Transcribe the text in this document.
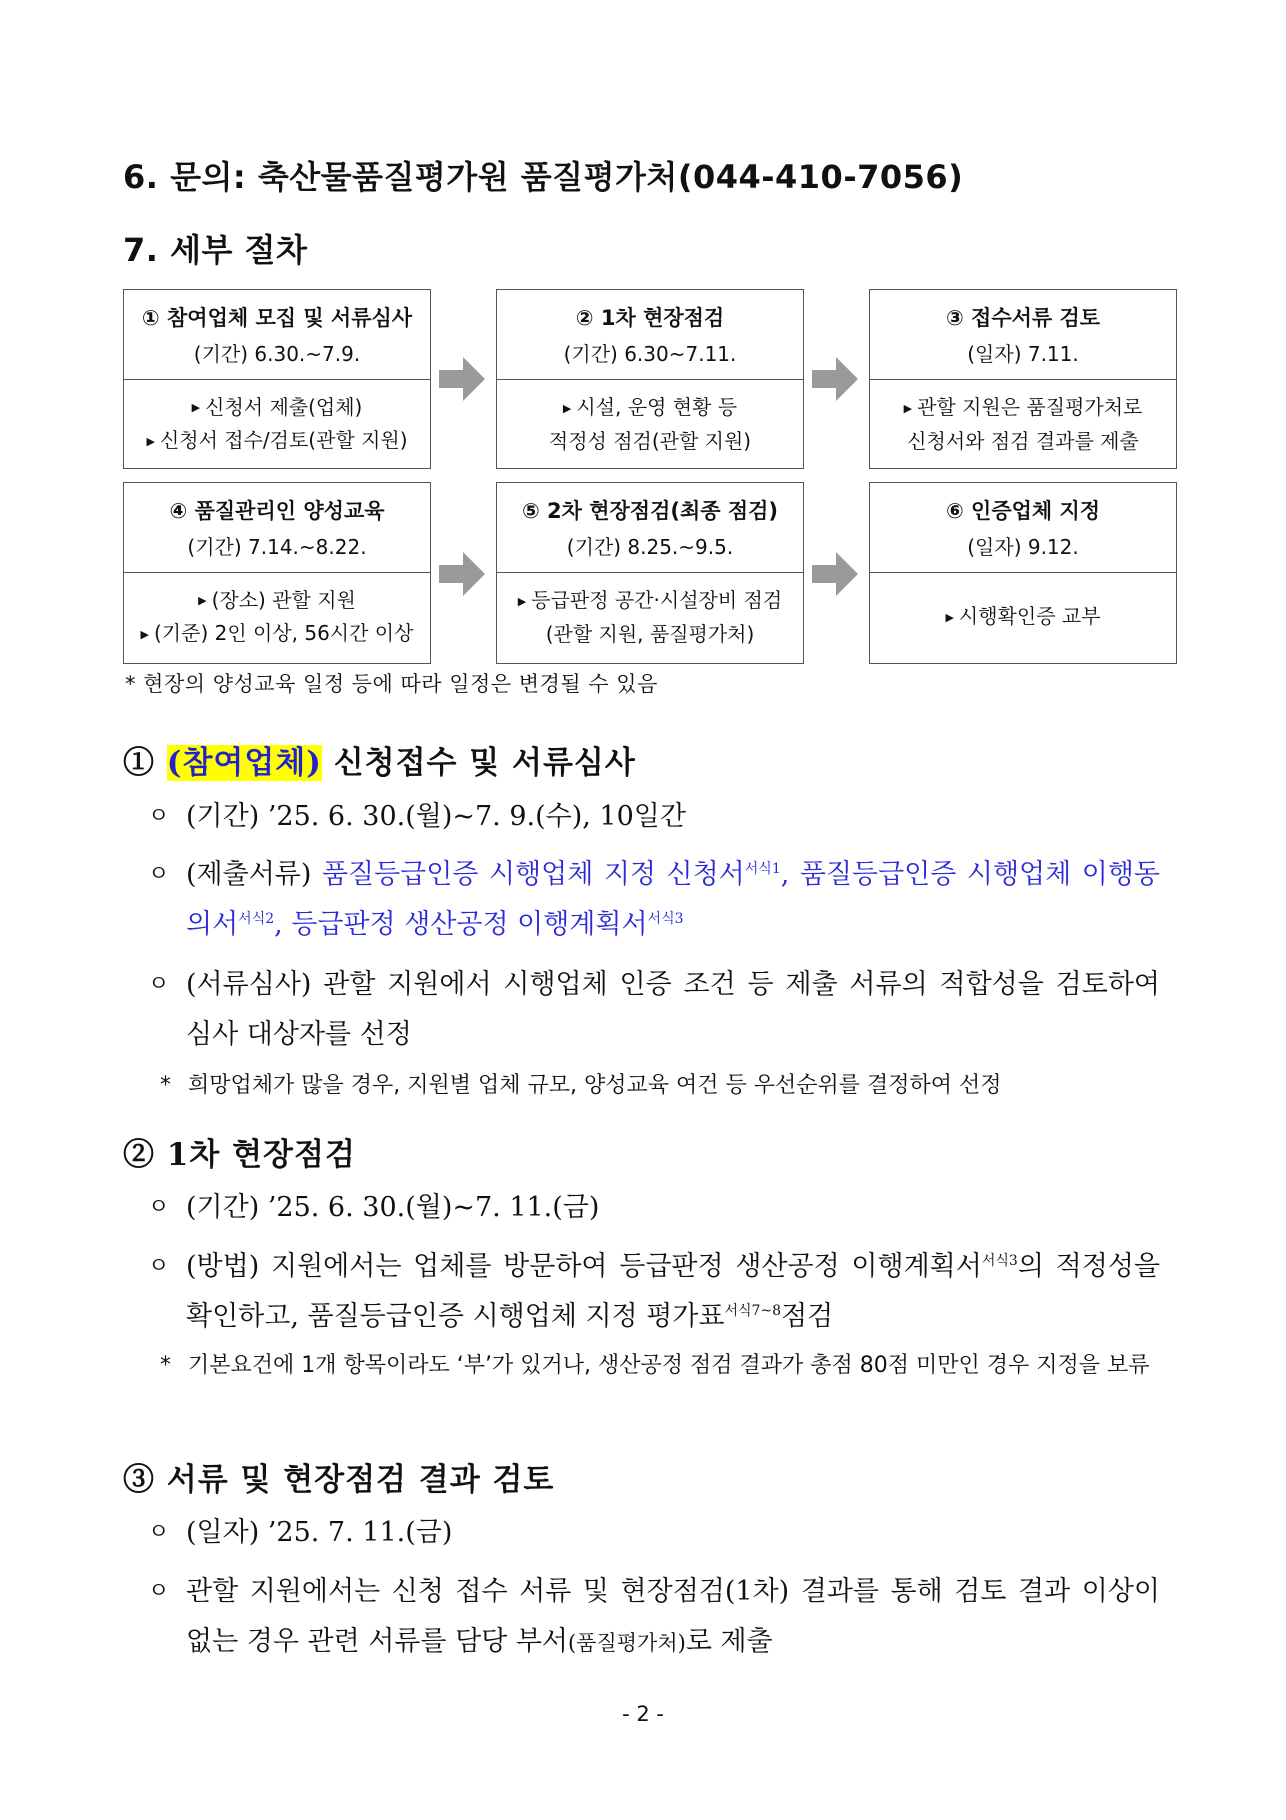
6. 문의: 축산물품질평가원 품질평가처(044-410-7056)
7. 세부 절차
① 참여업체 모집 및 서류심사
(기간) 6.30.~7.9.
▶ 신청서 제출(업체)
▶ 신청서 접수/검토(관할 지원)
② 1차 현장점검
(기간) 6.30~7.11.
▶ 시설, 운영 현황 등
적정성 점검(관할 지원)
③ 접수서류 검토
(일자) 7.11.
▶ 관할 지원은 품질평가처로
신청서와 점검 결과를 제출
④ 품질관리인 양성교육
(기간) 7.14.~8.22.
▶ (장소) 관할 지원
▶ (기준) 2인 이상, 56시간 이상
⑤ 2차 현장점검(최종 점검)
(기간) 8.25.~9.5.
▶ 등급판정 공간·시설장비 점검
(관할 지원, 품질평가처)
⑥ 인증업체 지정
(일자) 9.12.
▶ 시행확인증 교부
* 현장의 양성교육 일정 등에 따라 일정은 변경될 수 있음
① (참여업체) 신청접수 및 서류심사
ㅇ (기간) ’25. 6. 30.(월)~7. 9.(수), 10일간
ㅇ (제출서류) 품질등급인증 시행업체 지정 신청서$^{서식1}$, 품질등급인증 시행업체 이행동의서$^{서식2}$, 등급판정 생산공정 이행계획서$^{서식3}$
ㅇ (서류심사) 관할 지원에서 시행업체 인증 조건 등 제출 서류의 적합성을 검토하여 심사 대상자를 선정
* 희망업체가 많을 경우, 지원별 업체 규모, 양성교육 여건 등 우선순위를 결정하여 선정
② 1차 현장점검
ㅇ (기간) ’25. 6. 30.(월)~7. 11.(금)
ㅇ (방법) 지원에서는 업체를 방문하여 등급판정 생산공정 이행계획서$^{서식3}$의 적정성을 확인하고, 품질등급인증 시행업체 지정 평가표$^{서식7\sim 8}$점검
* 기본요건에 1개 항목이라도 ‘부’가 있거나, 생산공정 점검 결과가 총점 80점 미만인 경우 지정을 보류
③ 서류 및 현장점검 결과 검토
ㅇ (일자) ’25. 7. 11.(금)
ㅇ 관할 지원에서는 신청 접수 서류 및 현장점검(1차) 결과를 통해 검토 결과 이상이 없는 경우 관련 서류를 담당 부서(품질평가처)로 제출
- 2 -
